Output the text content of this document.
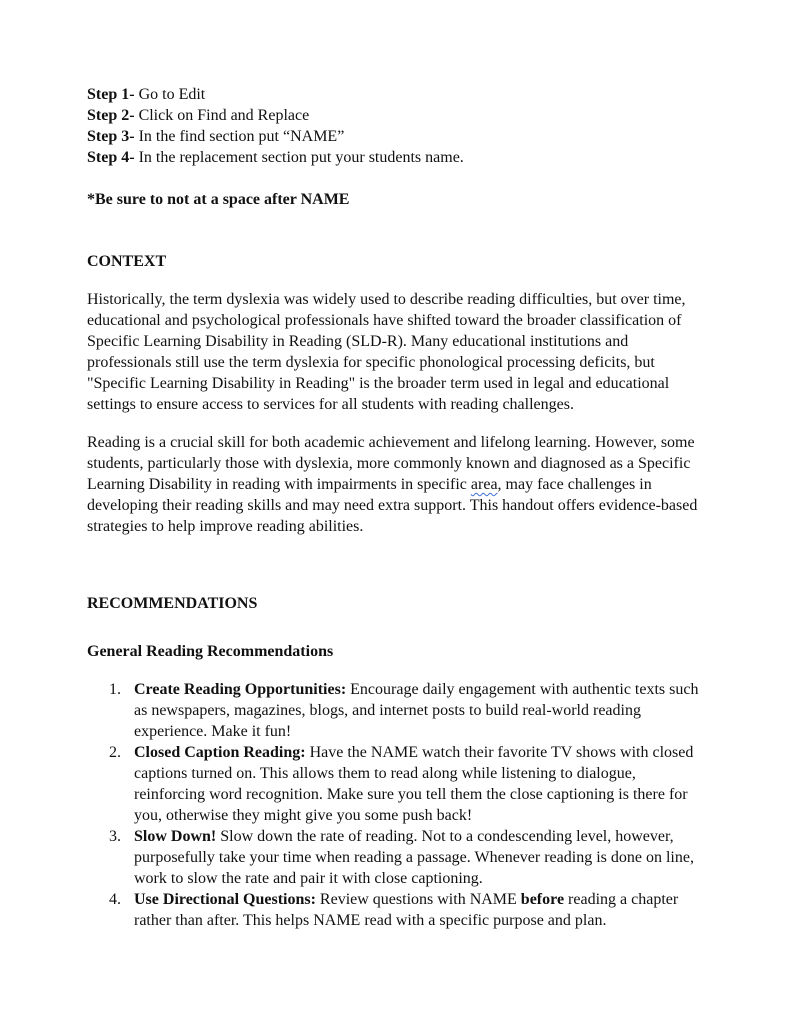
Step 1- Go to Edit
Step 2- Click on Find and Replace
Step 3- In the find section put “NAME”
Step 4- In the replacement section put your students name.
*Be sure to not at a space after NAME
CONTEXT

Historically, the term dyslexia was widely used to describe reading difficulties, but over time, educational and psychological professionals have shifted toward the broader classification of Specific Learning Disability in Reading (SLD-R). Many educational institutions and professionals still use the term dyslexia for specific phonological processing deficits, but "Specific Learning Disability in Reading" is the broader term used in legal and educational settings to ensure access to services for all students with reading challenges.

Reading is a crucial skill for both academic achievement and lifelong learning. However, some students, particularly those with dyslexia, more commonly known and diagnosed as a Specific Learning Disability in reading with impairments in specific area, may face challenges in developing their reading skills and may need extra support. This handout offers evidence-based strategies to help improve reading abilities.

RECOMMENDATIONS
General Reading Recommendations
1. Create Reading Opportunities: Encourage daily engagement with authentic texts such as newspapers, magazines, blogs, and internet posts to build real-world reading experience. Make it fun!
2. Closed Caption Reading: Have the NAME watch their favorite TV shows with closed captions turned on. This allows them to read along while listening to dialogue, reinforcing word recognition. Make sure you tell them the close captioning is there for you, otherwise they might give you some push back!
3. Slow Down! Slow down the rate of reading. Not to a condescending level, however, purposefully take your time when reading a passage. Whenever reading is done on line, work to slow the rate and pair it with close captioning.
4. Use Directional Questions: Review questions with NAME before reading a chapter rather than after. This helps NAME read with a specific purpose and plan.
